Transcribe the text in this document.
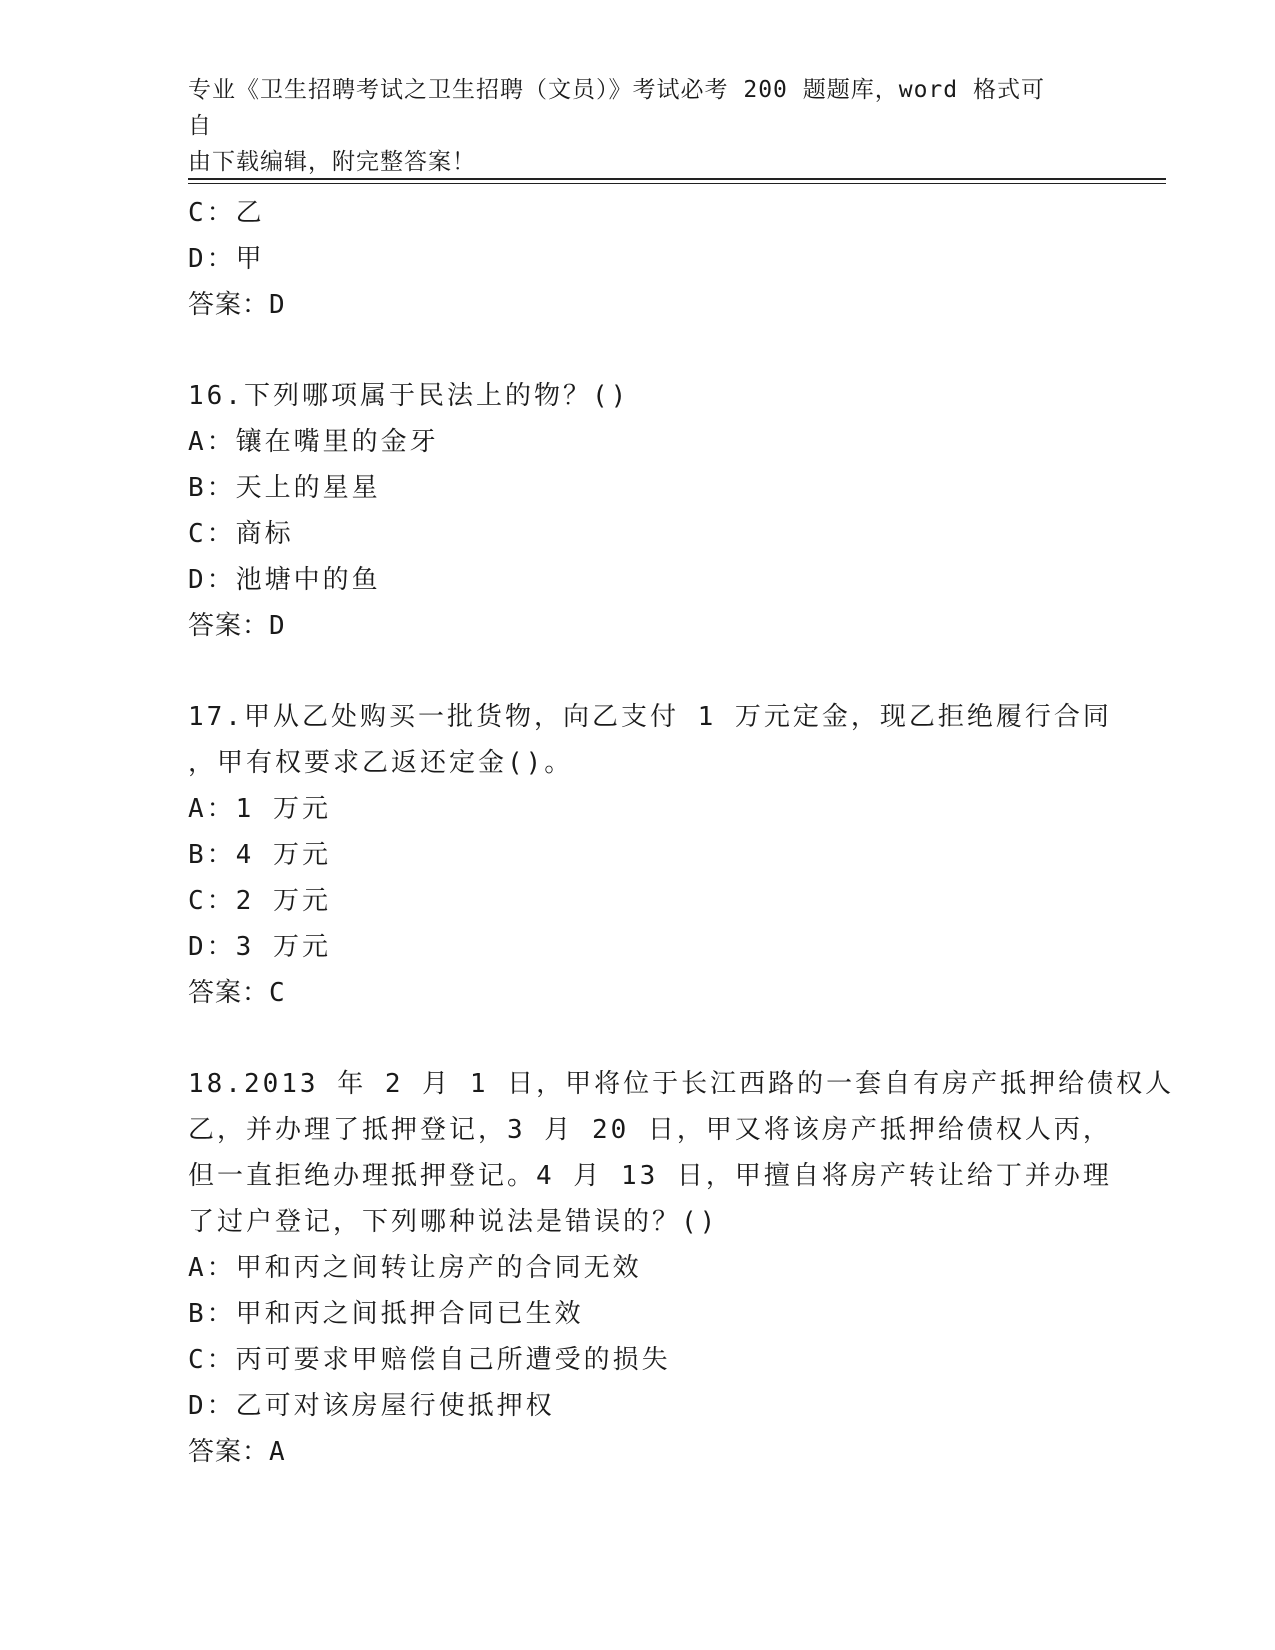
专业《卫生招聘考试之卫生招聘（文员）》考试必考 200 题题库，word 格式可自
由下载编辑，附完整答案！
C：乙
D：甲
答案：D
16.下列哪项属于民法上的物？()
A：镶在嘴里的金牙
B：天上的星星
C：商标
D：池塘中的鱼
答案：D
17.甲从乙处购买一批货物，向乙支付 1 万元定金，现乙拒绝履行合同
，甲有权要求乙返还定金()。
A：1 万元
B：4 万元
C：2 万元
D：3 万元
答案：C
18.2013 年 2 月 1 日，甲将位于长江西路的一套自有房产抵押给债权人
乙，并办理了抵押登记，3 月 20 日，甲又将该房产抵押给债权人丙，
但一直拒绝办理抵押登记。4 月 13 日，甲擅自将房产转让给丁并办理
了过户登记，下列哪种说法是错误的？()
A：甲和丙之间转让房产的合同无效
B：甲和丙之间抵押合同已生效
C：丙可要求甲赔偿自己所遭受的损失
D：乙可对该房屋行使抵押权
答案：A
